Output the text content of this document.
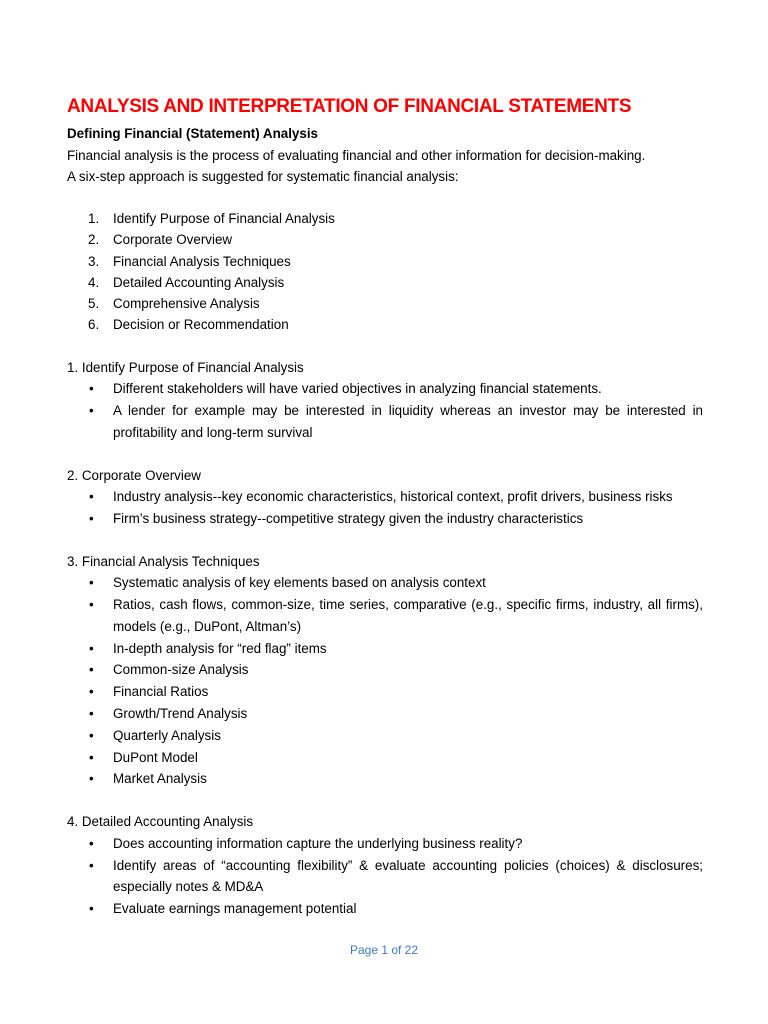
ANALYSIS AND INTERPRETATION OF FINANCIAL STATEMENTS

Defining Financial (Statement) Analysis

Financial analysis is the process of evaluating financial and other information for decision-making.

A six-step approach is suggested for systematic financial analysis:

1. Identify Purpose of Financial Analysis
2. Corporate Overview
3. Financial Analysis Techniques
4. Detailed Accounting Analysis
5. Comprehensive Analysis
6. Decision or Recommendation

1. Identify Purpose of Financial Analysis

• Different stakeholders will have varied objectives in analyzing financial statements.
• A lender for example may be interested in liquidity whereas an investor may be interested in profitability and long-term survival

2. Corporate Overview

• Industry analysis--key economic characteristics, historical context, profit drivers, business risks
• Firm’s business strategy--competitive strategy given the industry characteristics

3. Financial Analysis Techniques

• Systematic analysis of key elements based on analysis context
• Ratios, cash flows, common-size, time series, comparative (e.g., specific firms, industry, all firms), models (e.g., DuPont, Altman’s)
• In-depth analysis for “red flag” items
• Common-size Analysis
• Financial Ratios
• Growth/Trend Analysis
• Quarterly Analysis
• DuPont Model
• Market Analysis

4. Detailed Accounting Analysis

• Does accounting information capture the underlying business reality?
• Identify areas of “accounting flexibility” & evaluate accounting policies (choices) & disclosures; especially notes & MD&A
• Evaluate earnings management potential
Page 1 of 22
